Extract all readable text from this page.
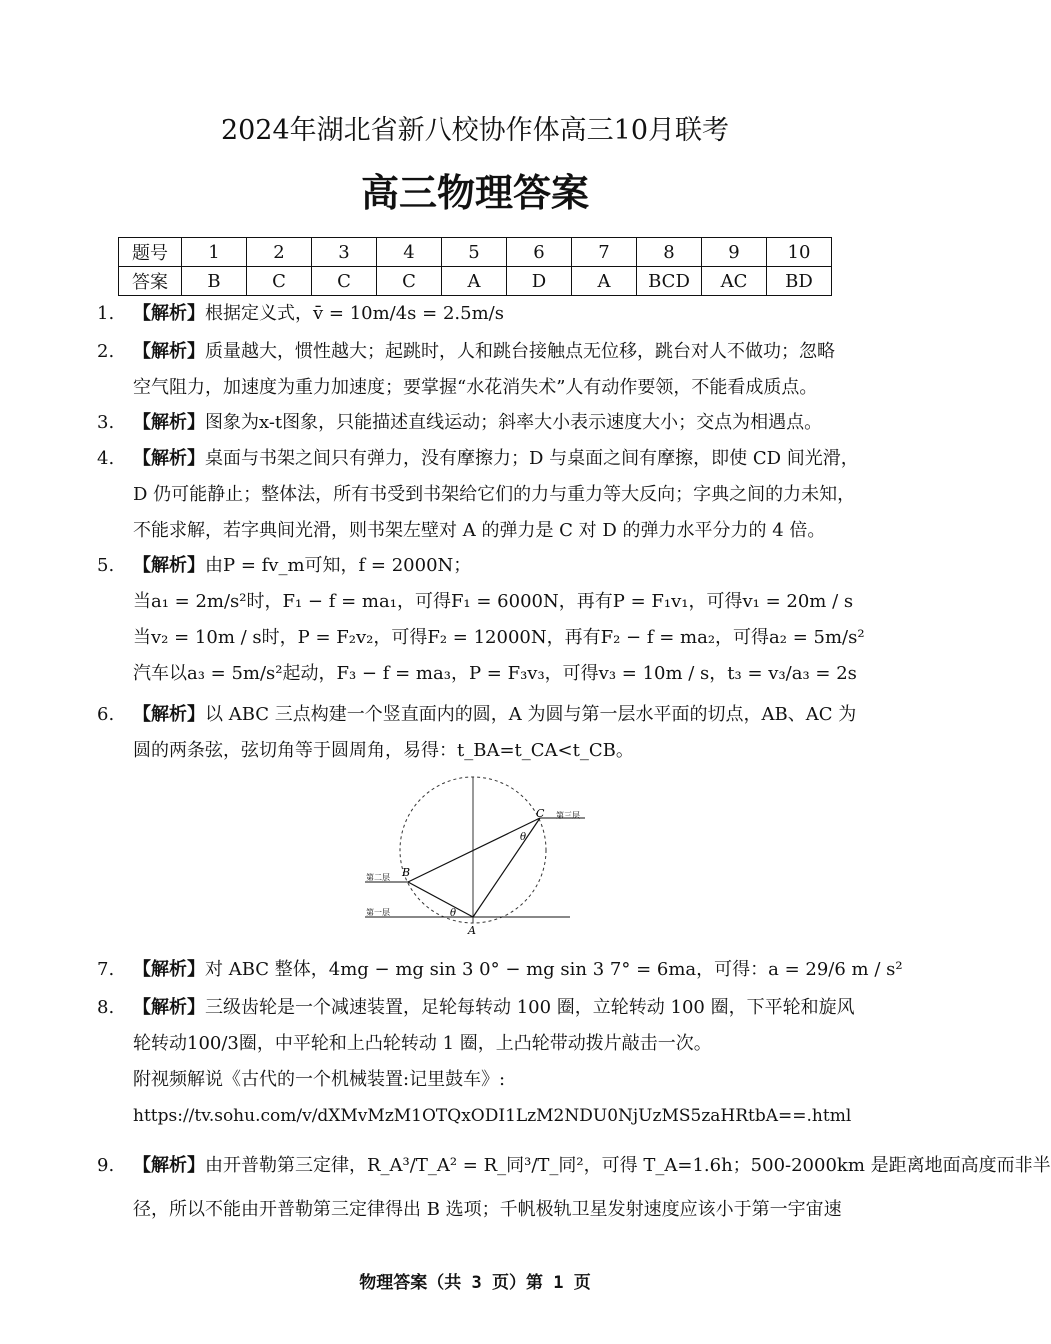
2024年湖北省新八校协作体高三10月联考
高三物理答案
题号	1	2	3	4	5	6	7	8	9	10
答案	B	C	C	C	A	D	A	BCD	AC	BD
1. 【解析】根据定义式，v̄ = 10m/4s = 2.5m/s
2. 【解析】质量越大，惯性越大；起跳时，人和跳台接触点无位移，跳台对人不做功；忽略
空气阻力，加速度为重力加速度；要掌握“水花消失术”人有动作要领，不能看成质点。
3. 【解析】图象为x-t图象，只能描述直线运动；斜率大小表示速度大小；交点为相遇点。
4. 【解析】桌面与书架之间只有弹力，没有摩擦力；D 与桌面之间有摩擦，即使 CD 间光滑，
D 仍可能静止；整体法，所有书受到书架给它们的力与重力等大反向；字典之间的力未知，
不能求解，若字典间光滑，则书架左壁对 A 的弹力是 C 对 D 的弹力水平分力的 4 倍。
5. 【解析】由P = fv_m可知，f = 2000N；
当a₁ = 2m/s²时，F₁ − f = ma₁，可得F₁ = 6000N，再有P = F₁v₁，可得v₁ = 20m / s
当v₂ = 10m / s时，P = F₂v₂，可得F₂ = 12000N，再有F₂ − f = ma₂，可得a₂ = 5m/s²
汽车以a₃ = 5m/s²起动，F₃ − f = ma₃，P = F₃v₃，可得v₃ = 10m / s，t₃ = v₃/a₃ = 2s
6. 【解析】以 ABC 三点构建一个竖直面内的圆，A 为圆与第一层水平面的切点，AB、AC 为
圆的两条弦，弦切角等于圆周角，易得：t_BA=t_CA<t_CB。
C
B
A
θ
θ
第三层
第二层
第一层
7. 【解析】对 ABC 整体，4mg − mg sin 3 0° − mg sin 3 7° = 6ma，可得：a = 29/6 m / s²
8. 【解析】三级齿轮是一个减速装置，足轮每转动 100 圈，立轮转动 100 圈，下平轮和旋风
轮转动100/3圈，中平轮和上凸轮转动 1 圈，上凸轮带动拨片敲击一次。
附视频解说《古代的一个机械装置:记里鼓车》:
https://tv.sohu.com/v/dXMvMzM1OTQxODI1LzM2NDU0NjUzMS5zaHRtbA==.html
9. 【解析】由开普勒第三定律，R_A³/T_A² = R_同³/T_同²，可得 T_A=1.6h；500-2000km 是距离地面高度而非半
径，所以不能由开普勒第三定律得出 B 选项；千帆极轨卫星发射速度应该小于第一宇宙速
物理答案（共 3 页）第 1 页
